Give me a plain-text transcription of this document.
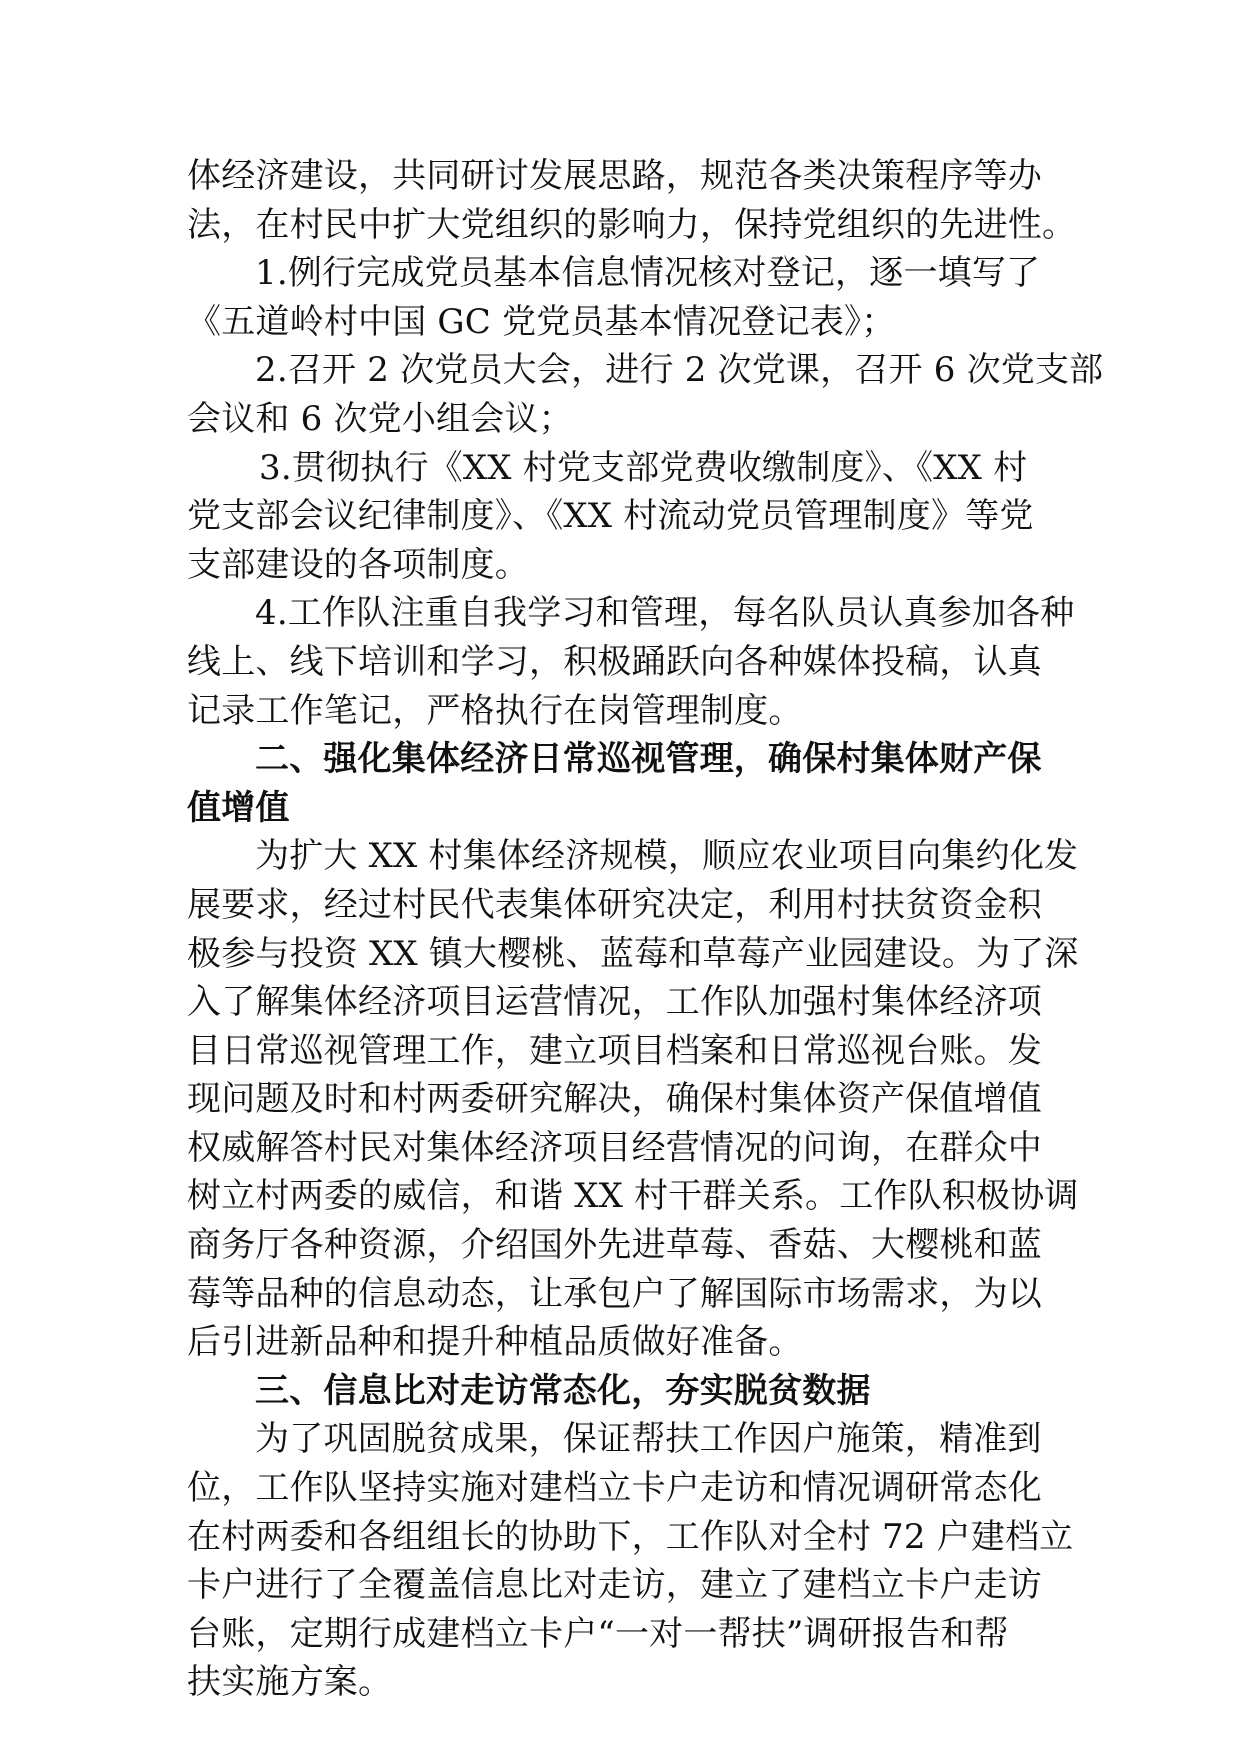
体经济建设，共同研讨发展思路，规范各类决策程序等办
法，在村民中扩大党组织的影响力，保持党组织的先进性。
1.例行完成党员基本信息情况核对登记，逐一填写了
《五道岭村中国 GC 党党员基本情况登记表》；
2.召开 2 次党员大会，进行 2 次党课，召开 6 次党支部
会议和 6 次党小组会议；
3.贯彻执行《XX 村党支部党费收缴制度》、《XX 村
党支部会议纪律制度》、《XX 村流动党员管理制度》等党
支部建设的各项制度。
4.工作队注重自我学习和管理，每名队员认真参加各种
线上、线下培训和学习，积极踊跃向各种媒体投稿，认真
记录工作笔记，严格执行在岗管理制度。
二、强化集体经济日常巡视管理，确保村集体财产保
值增值
为扩大 XX 村集体经济规模，顺应农业项目向集约化发
展要求，经过村民代表集体研究决定，利用村扶贫资金积
极参与投资 XX 镇大樱桃、蓝莓和草莓产业园建设。为了深
入了解集体经济项目运营情况，工作队加强村集体经济项
目日常巡视管理工作，建立项目档案和日常巡视台账。发
现问题及时和村两委研究解决，确保村集体资产保值增值
权威解答村民对集体经济项目经营情况的问询，在群众中
树立村两委的威信，和谐 XX 村干群关系。工作队积极协调
商务厅各种资源，介绍国外先进草莓、香菇、大樱桃和蓝
莓等品种的信息动态，让承包户了解国际市场需求，为以
后引进新品种和提升种植品质做好准备。
三、信息比对走访常态化，夯实脱贫数据
为了巩固脱贫成果，保证帮扶工作因户施策，精准到
位，工作队坚持实施对建档立卡户走访和情况调研常态化
在村两委和各组组长的协助下，工作队对全村 72 户建档立
卡户进行了全覆盖信息比对走访，建立了建档立卡户走访
台账，定期行成建档立卡户“一对一帮扶”调研报告和帮
扶实施方案。
